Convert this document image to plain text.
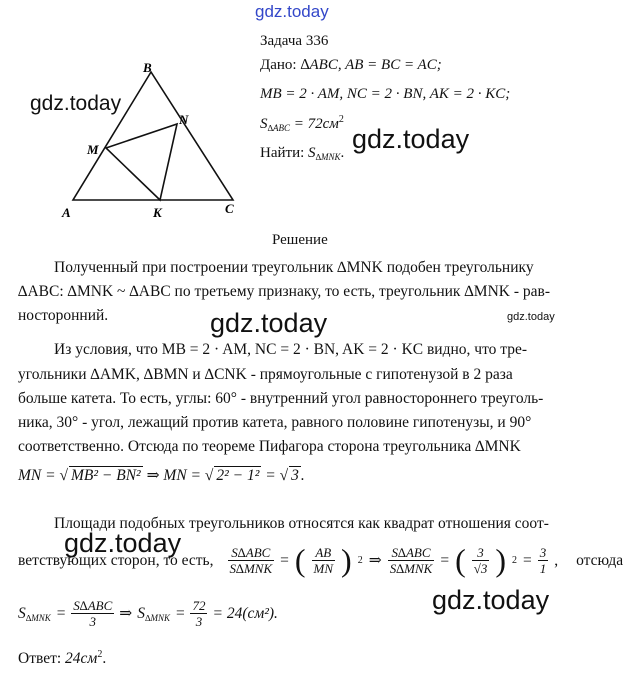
gdz.today
gdz.today
gdz.today
gdz.today	gdz.today
gdz.today
gdz.today
B
N
M
A	K	C
Задача 336
Дано: ∆ABC, AB = BC = AC;
MB = 2 · AM, NC = 2 · BN, AK = 2 · KC;
$S_{\Delta ABC} = 72см^2$
Найти: $S_{\Delta MNK}$.
Решение
Полученный при построении треугольник ∆MNK подобен треугольнику
∆ABC: ∆MNK ~ ∆ABC по третьему признаку, то есть, треугольник ∆MNK - рав-
носторонний.
Из условия, что MB = 2 · AM, NC = 2 · BN, AK = 2 · KC видно, что тре-
угольники ∆AMK, ∆BMN и ∆CNK - прямоугольные с гипотенузой в 2 раза
больше катета. То есть, углы: 60° - внутренний угол равностороннего треуголь-
ника, 30° - угол, лежащий против катета, равного половине гипотенузы, и 90°
соответственно. Отсюда по теореме Пифагора сторона треугольника ∆MNK
MN = √ MB² − BN² ⇒ MN = √ 2² − 1² = √ 3 .
Площади подобных треугольников относятся как квадрат отношения соот-
ветствующих сторон, то есть, $\frac{\text{S∆ABC}}{\text{S∆MNK}}$ = ( $\frac{AB}{MN}$ ) 2 ⇒ $\frac{\text{S∆ABC}}{\text{S∆MNK}}$ = ( $\frac{3}{√3}$ ) $2 = \frac{3}{1}$ , отсюда
$S_{\Delta MNK} = \frac{\text{S∆ABC}}{3}$ ⇒ $S_{\Delta MNK} = \frac{72}{3} = 24(см^2)$.
Ответ: $24см^2$.
